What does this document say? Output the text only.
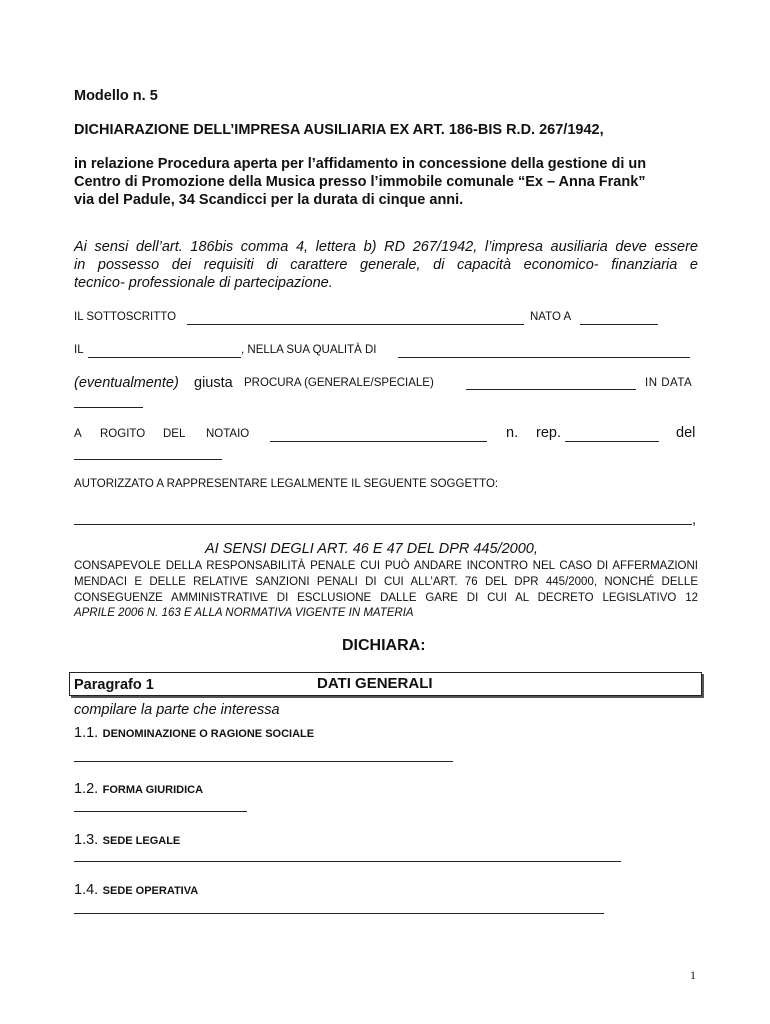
Modello n. 5
DICHIARAZIONE DELL’IMPRESA AUSILIARIA EX ART. 186-BIS R.D. 267/1942,
in relazione Procedura aperta per l’affidamento in concessione della gestione di un
Centro di Promozione della Musica presso l’immobile comunale “Ex – Anna Frank”
via del Padule, 34 Scandicci per la durata di cinque anni.
Ai sensi dell’art. 186bis comma 4, lettera b) RD 267/1942, l’impresa ausiliaria deve essere
in possesso dei requisiti di carattere generale, di capacità economico- finanziaria e
tecnico- professionale di partecipazione.
IL SOTTOSCRITTO	NATO A
IL	, NELLA SUA QUALITÀ DI
(eventualmente) giusta PROCURA (GENERALE/SPECIALE)	IN DATA
A ROGITO DEL NOTAIO	n. rep.	del
AUTORIZZATO A RAPPRESENTARE LEGALMENTE IL SEGUENTE SOGGETTO:
,
AI SENSI DEGLI ART. 46 E 47 DEL DPR 445/2000,
CONSAPEVOLE DELLA RESPONSABILITÀ PENALE CUI PUÒ ANDARE INCONTRO NEL CASO DI AFFERMAZIONI
MENDACI E DELLE RELATIVE SANZIONI PENALI DI CUI ALL’ART. 76 DEL DPR 445/2000, NONCHÉ DELLE
CONSEGUENZE AMMINISTRATIVE DI ESCLUSIONE DALLE GARE DI CUI AL DECRETO LEGISLATIVO 12
APRILE 2006 N. 163 E ALLA NORMATIVA VIGENTE IN MATERIA
DICHIARA:
Paragrafo 1	DATI GENERALI
compilare la parte che interessa
1.1. DENOMINAZIONE O RAGIONE SOCIALE
1.2. FORMA GIURIDICA
1.3. SEDE LEGALE
1.4. SEDE OPERATIVA
1
